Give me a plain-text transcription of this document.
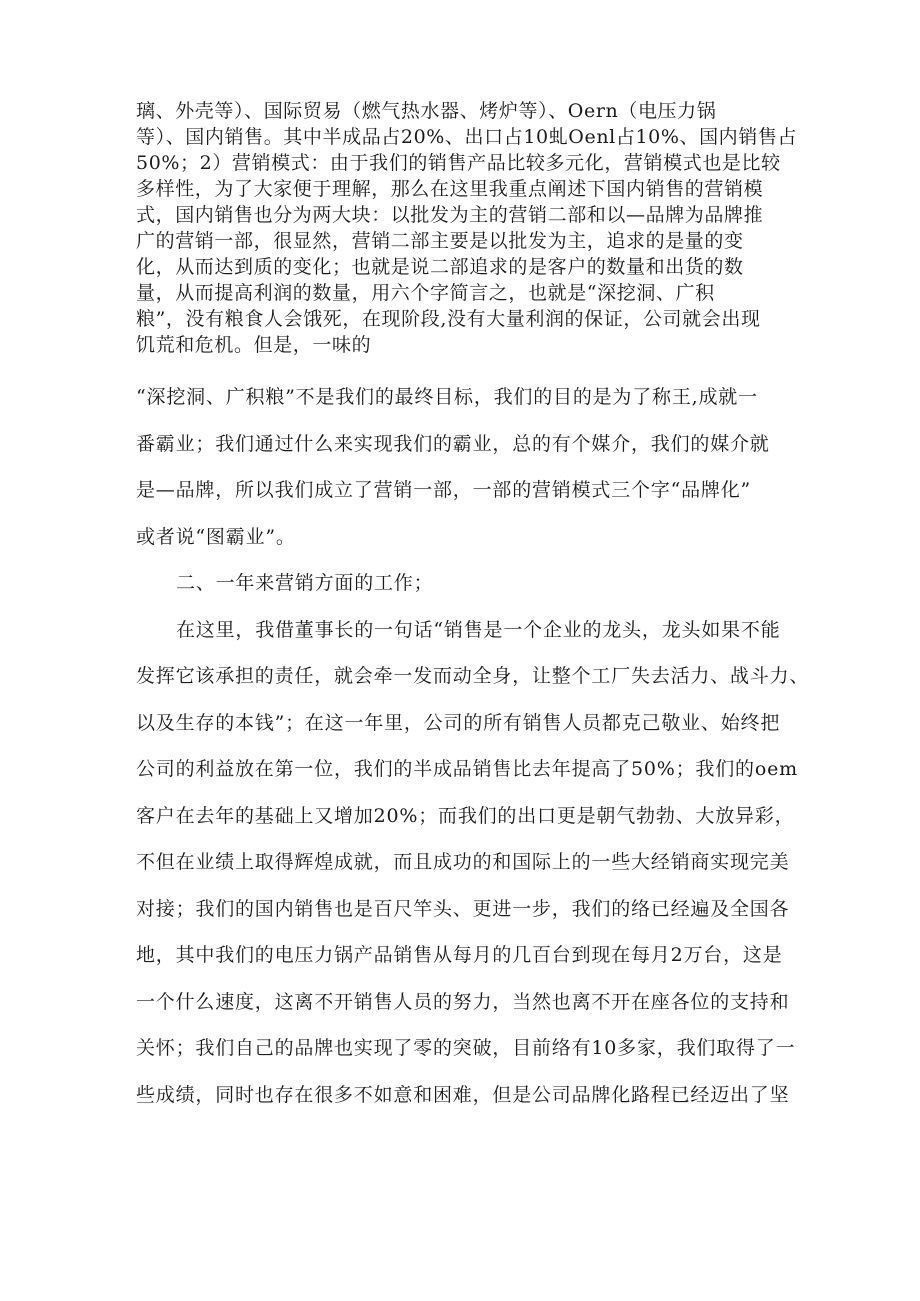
璃、外壳等）、国际贸易（燃气热水器、烤炉等）、Oern（电压力锅
等）、国内销售。其中半成品占20%、出口占10虬Oenl占10%、国内销售占
50%；2）营销模式：由于我们的销售产品比较多元化，营销模式也是比较
多样性，为了大家便于理解，那么在这里我重点阐述下国内销售的营销模
式，国内销售也分为两大块：以批发为主的营销二部和以—品牌为品牌推
广的营销一部，很显然，营销二部主要是以批发为主，追求的是量的变
化，从而达到质的变化；也就是说二部追求的是客户的数量和出货的数
量，从而提高利润的数量，用六个字简言之，也就是“深挖洞、广积
粮”，没有粮食人会饿死，在现阶段,没有大量利润的保证，公司就会出现
饥荒和危机。但是，一味的
“深挖洞、广积粮”不是我们的最终目标，我们的目的是为了称王,成就一
番霸业；我们通过什么来实现我们的霸业，总的有个媒介，我们的媒介就
是—品牌，所以我们成立了营销一部，一部的营销模式三个字“品牌化”
或者说“图霸业”。
二、一年来营销方面的工作；
在这里，我借董事长的一句话“销售是一个企业的龙头，龙头如果不能
发挥它该承担的责任，就会牵一发而动全身，让整个工厂失去活力、战斗力、
以及生存的本钱”；在这一年里，公司的所有销售人员都克己敬业、始终把
公司的利益放在第一位，我们的半成品销售比去年提高了50%；我们的oem
客户在去年的基础上又增加20%；而我们的出口更是朝气勃勃、大放异彩，
不但在业绩上取得辉煌成就，而且成功的和国际上的一些大经销商实现完美
对接；我们的国内销售也是百尺竿头、更进一步，我们的络已经遍及全国各
地，其中我们的电压力锅产品销售从每月的几百台到现在每月2万台，这是
一个什么速度，这离不开销售人员的努力，当然也离不开在座各位的支持和
关怀；我们自己的品牌也实现了零的突破，目前络有10多家，我们取得了一
些成绩，同时也存在很多不如意和困难，但是公司品牌化路程已经迈出了坚
